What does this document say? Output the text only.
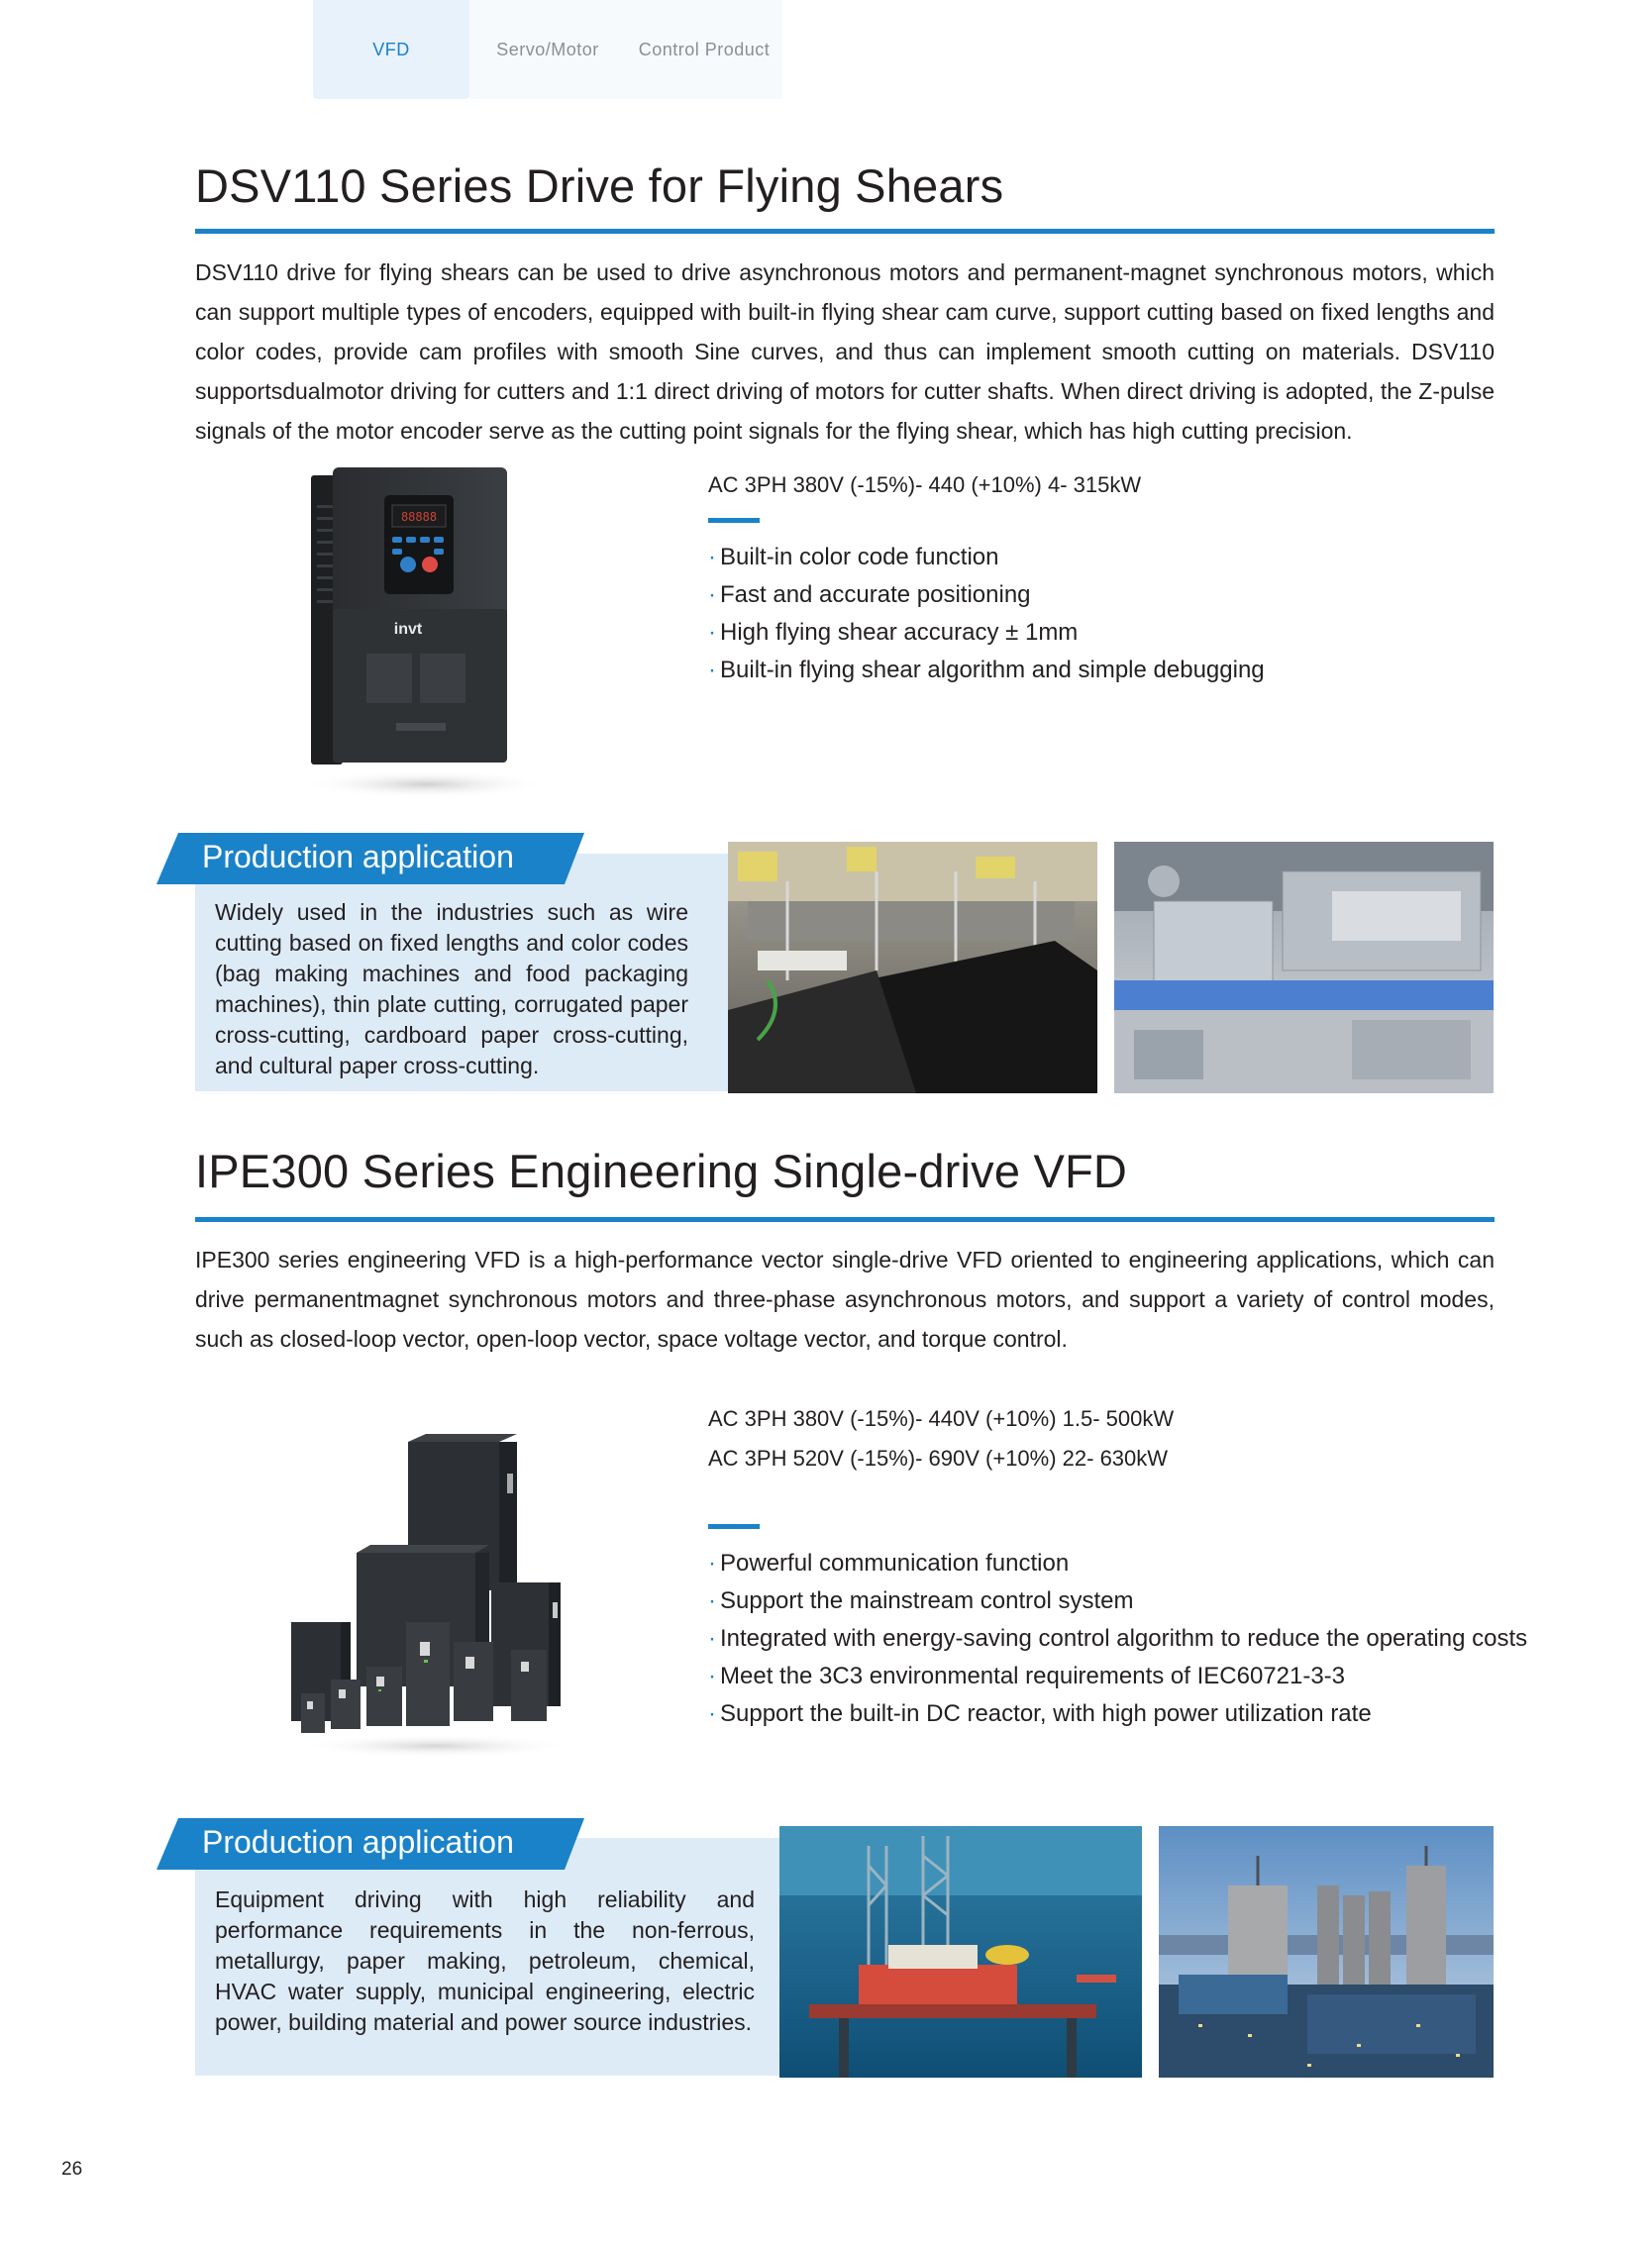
VFD	Servo/Motor	Control Product
DSV110 Series Drive for Flying Shears

DSV110 drive for flying shears can be used to drive asynchronous motors and permanent-magnet synchronous motors, which can support multiple types of encoders, equipped with built-in flying shear cam curve, support cutting based on fixed lengths and color codes, provide cam profiles with smooth Sine curves, and thus can implement smooth cutting on materials. DSV110 supportsdualmotor driving for cutters and 1:1 direct driving of motors for cutter shafts. When direct driving is adopted, the Z-pulse signals of the motor encoder serve as the cutting point signals for the flying shear, which has high cutting precision.

88888
invt

AC 3PH 380V (-15%)- 440 (+10%) 4- 315kW

· Built-in color code function
· Fast and accurate positioning
· High flying shear accuracy ± 1mm
· Built-in flying shear algorithm and simple debugging
Production application

Widely used in the industries such as wire cutting based on fixed lengths and color codes (bag making machines and food packaging machines), thin plate cutting, corrugated paper cross-cutting, cardboard paper cross-cutting, and cultural paper cross-cutting.

IPE300 Series Engineering Single-drive VFD

IPE300 series engineering VFD is a high-performance vector single-drive VFD oriented to engineering applications, which can drive permanentmagnet synchronous motors and three-phase asynchronous motors, and support a variety of control modes, such as closed-loop vector, open-loop vector, space voltage vector, and torque control.

AC 3PH 380V (-15%)- 440V (+10%) 1.5- 500kW

AC 3PH 520V (-15%)- 690V (+10%) 22- 630kW

· Powerful communication function
· Support the mainstream control system
· Integrated with energy-saving control algorithm to reduce the operating costs
· Meet the 3C3 environmental requirements of IEC60721-3-3
· Support the built-in DC reactor, with high power utilization rate
Production application

Equipment driving with high reliability and performance requirements in the non-ferrous, metallurgy, paper making, petroleum, chemical, HVAC water supply, municipal engineering, electric power, building material and power source industries.

26
